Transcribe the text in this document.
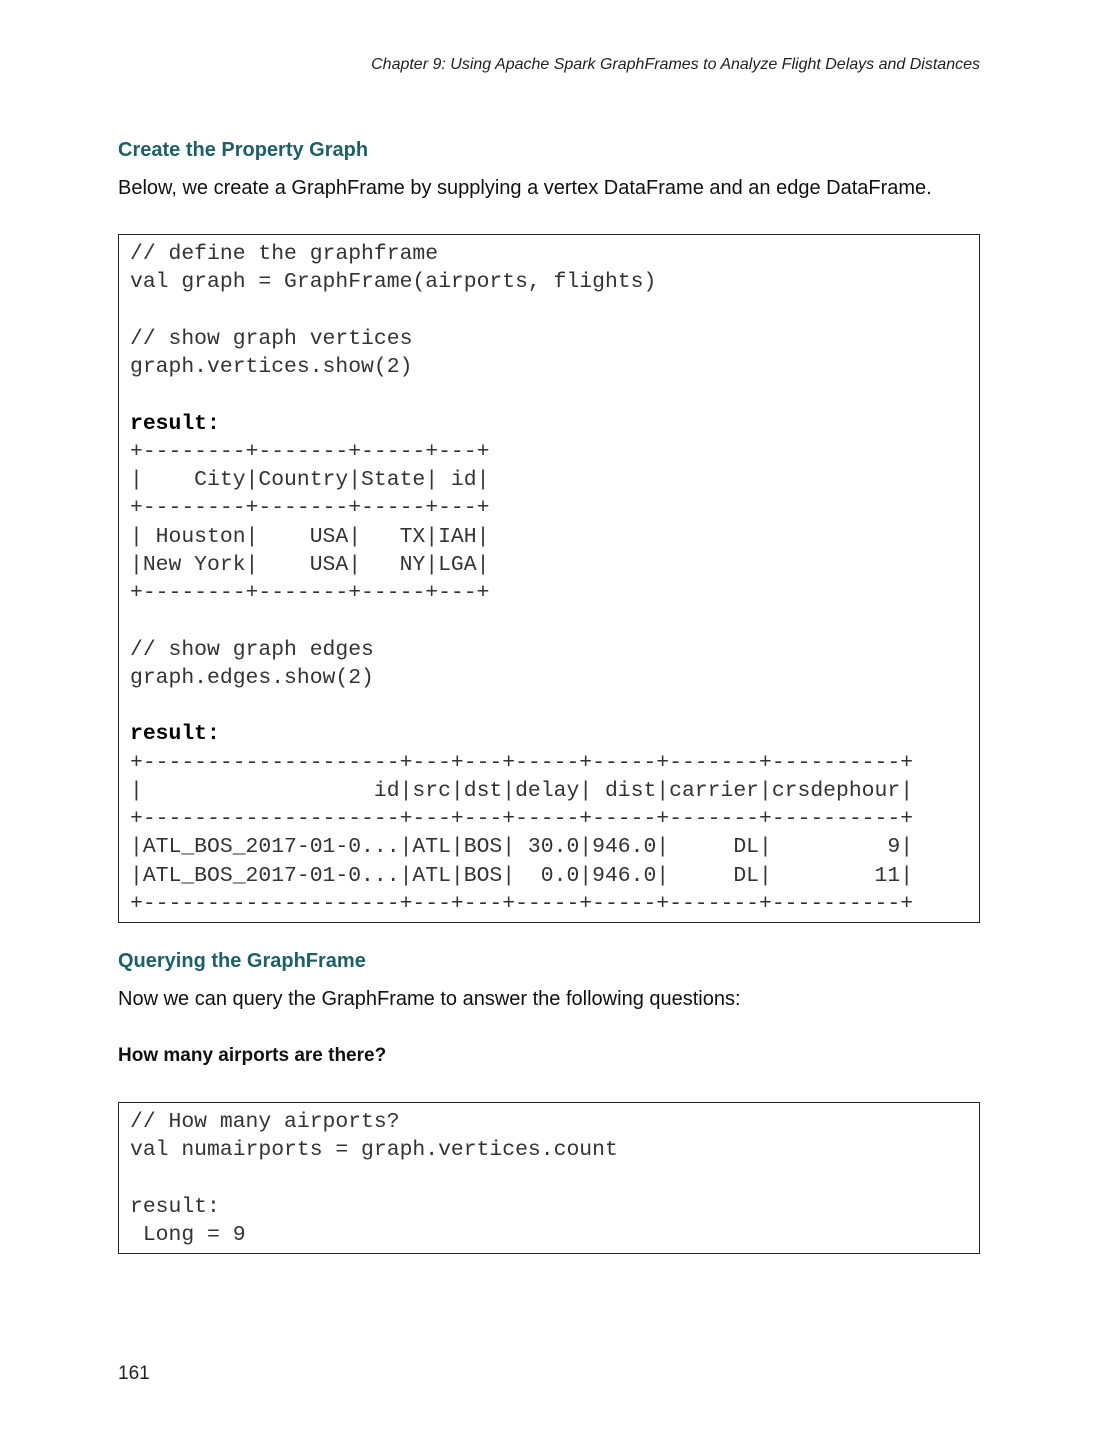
Chapter 9: Using Apache Spark GraphFrames to Analyze Flight Delays and Distances
Create the Property Graph
Below, we create a GraphFrame by supplying a vertex DataFrame and an edge DataFrame.
// define the graphframe
val graph = GraphFrame(airports, flights)
// show graph vertices
graph.vertices.show(2)
result:
+--------+-------+-----+---+
|    City|Country|State| id|
+--------+-------+-----+---+
| Houston|    USA|   TX|IAH|
|New York|    USA|   NY|LGA|
+--------+-------+-----+---+
// show graph edges
graph.edges.show(2)
result:
+--------------------+---+---+-----+-----+-------+----------+
|                  id|src|dst|delay| dist|carrier|crsdephour|
+--------------------+---+---+-----+-----+-------+----------+
|ATL_BOS_2017-01-0...|ATL|BOS| 30.0|946.0|     DL|         9|
|ATL_BOS_2017-01-0...|ATL|BOS|  0.0|946.0|     DL|        11|
+--------------------+---+---+-----+-----+-------+----------+
Querying the GraphFrame
Now we can query the GraphFrame to answer the following questions:
How many airports are there?
// How many airports?
val numairports = graph.vertices.count
result:
Long = 9
161
